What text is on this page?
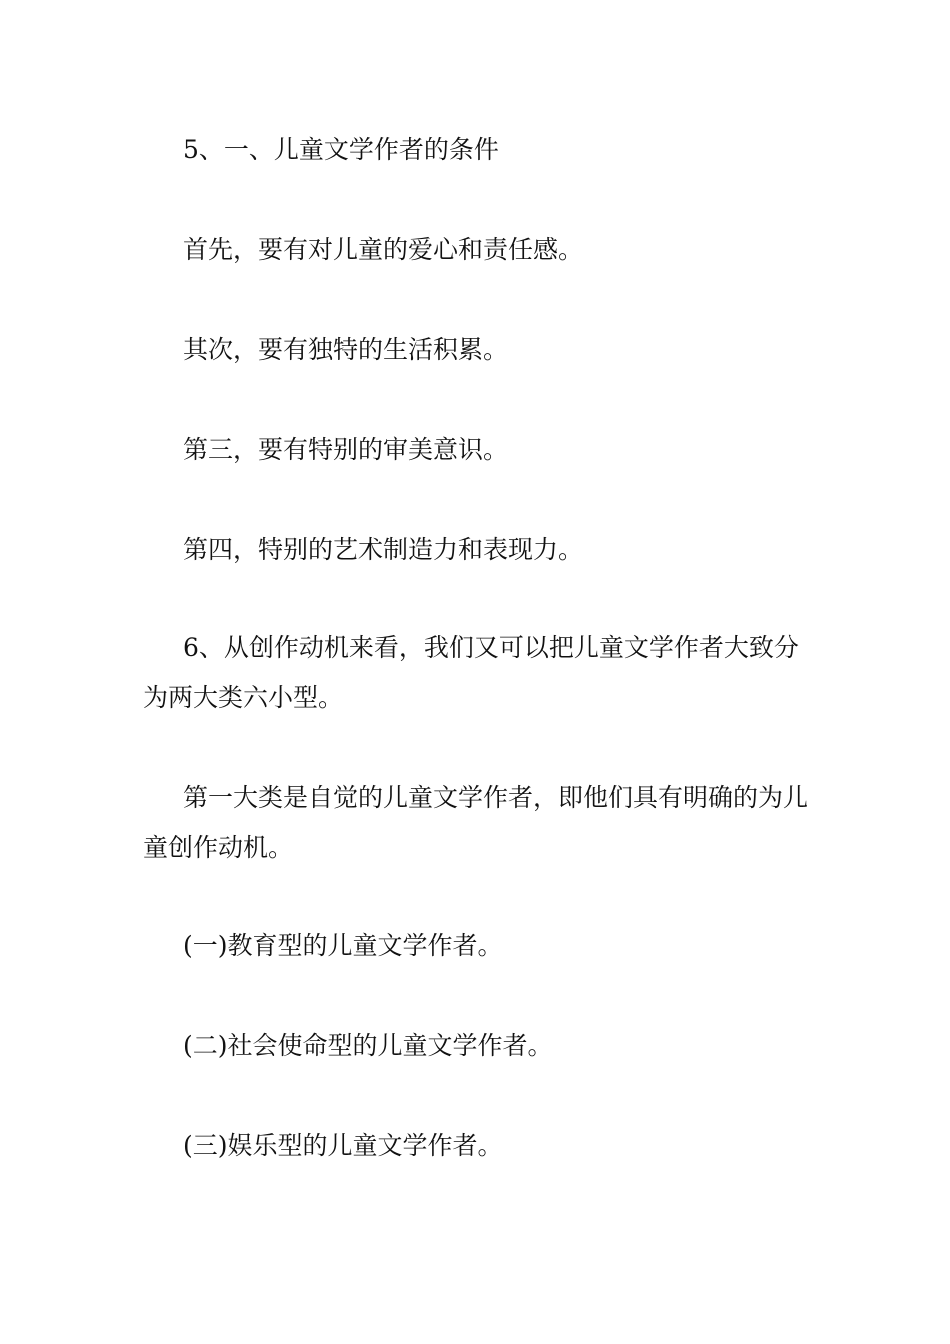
5、一、儿童文学作者的条件

首先，要有对儿童的爱心和责任感。

其次，要有独特的生活积累。

第三，要有特别的审美意识。

第四，特别的艺术制造力和表现力。

6、从创作动机来看，我们又可以把儿童文学作者大致分为两大类六小型。

第一大类是自觉的儿童文学作者，即他们具有明确的为儿童创作动机。

(一)教育型的儿童文学作者。

(二)社会使命型的儿童文学作者。

(三)娱乐型的儿童文学作者。
